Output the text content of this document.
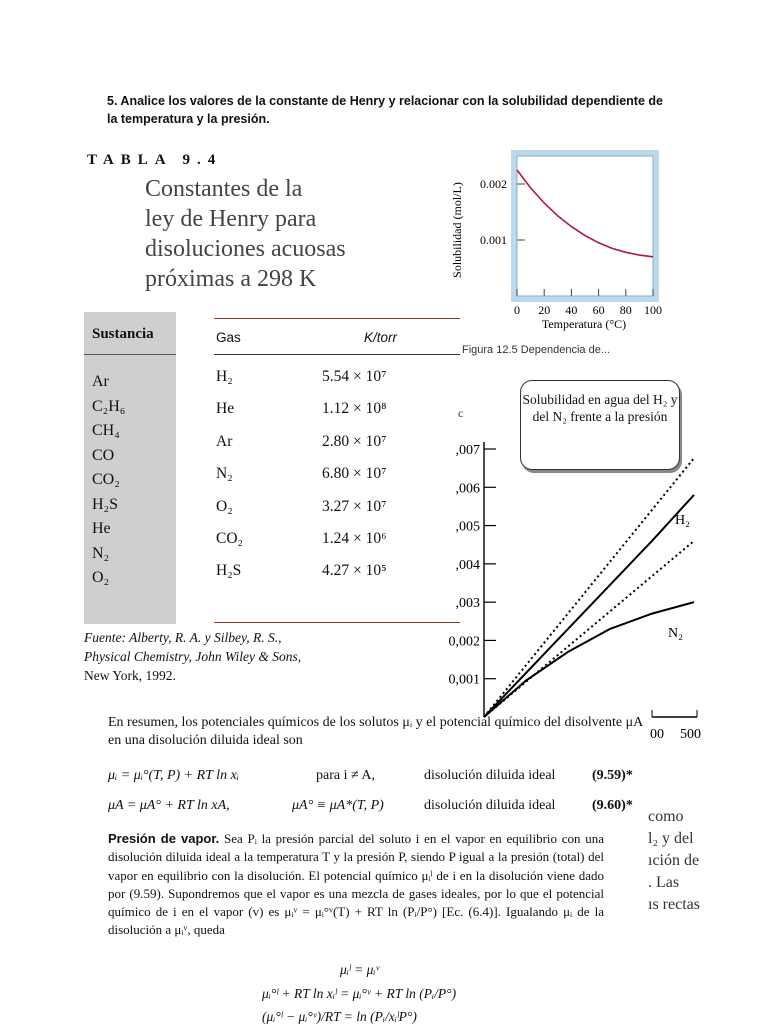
5. Analice los valores de la constante de Henry y relacionar con la solubilidad dependiente de la temperatura y la presión.
TABLA 9.4
Constantes de la
ley de Henry para
disoluciones acuosas
próximas a 298 K
Sustancia
Ar
C₂H₆
CH₄
CO
CO₂
H₂S
He
N₂
O₂
Gas	K/torr
H₂	5.54 × 10⁷
He	1.12 × 10⁸
Ar	2.80 × 10⁷
N₂	6.80 × 10⁷
O₂	3.27 × 10⁷
CO₂	1.24 × 10⁶
H₂S	4.27 × 10⁵
Fuente: Alberty, R. A. y Silbey, R. S.,
Physical Chemistry, John Wiley & Sons,
New York, 1992.
Solubilidad (mol/L)
Temperatura (°C)
0 20 40 60 80 100
0.001
0.002
Figura 12.5 Dependencia de...
c
00 500
,007
,006
,005
,004
,003
0,002
0,001
H₂
N₂
Solubilidad en agua del H₂ y del N₂ frente a la presión
En resumen, los potenciales químicos de los solutos μᵢ y el potencial químico del disolvente μA en una disolución diluida ideal son
μᵢ = μᵢ°(T, P) + RT ln xᵢ	para i ≠ A,	disolución diluida ideal	(9.59)*
μA = μA° + RT ln xA,	μA° ≡ μA*(T, P)	disolución diluida ideal	(9.60)*
Presión de vapor. Sea Pᵢ la presión parcial del soluto i en el vapor en equilibrio con una disolución diluida ideal a la temperatura T y la presión P, siendo P igual a la presión (total) del vapor en equilibrio con la disolución. El potencial químico μᵢˡ de i en la disolución viene dado por (9.59). Supondremos que el vapor es una mezcla de gases ideales, por lo que el potencial químico de i en el vapor (v) es μᵢᵛ = μᵢ°ᵛ(T) + RT ln (Pᵢ/P°) [Ec. (6.4)]. Igualando μᵢ de la disolución a μᵢᵛ, queda
como
l₂ y del
ıción de
. Las
ıs rectas
μᵢˡ = μᵢᵛ
μᵢ°ˡ + RT ln xᵢˡ = μᵢ°ᵛ + RT ln (Pᵢ/P°)
(μᵢ°ˡ − μᵢ°ᵛ)/RT = ln (Pᵢ/xᵢˡP°)
